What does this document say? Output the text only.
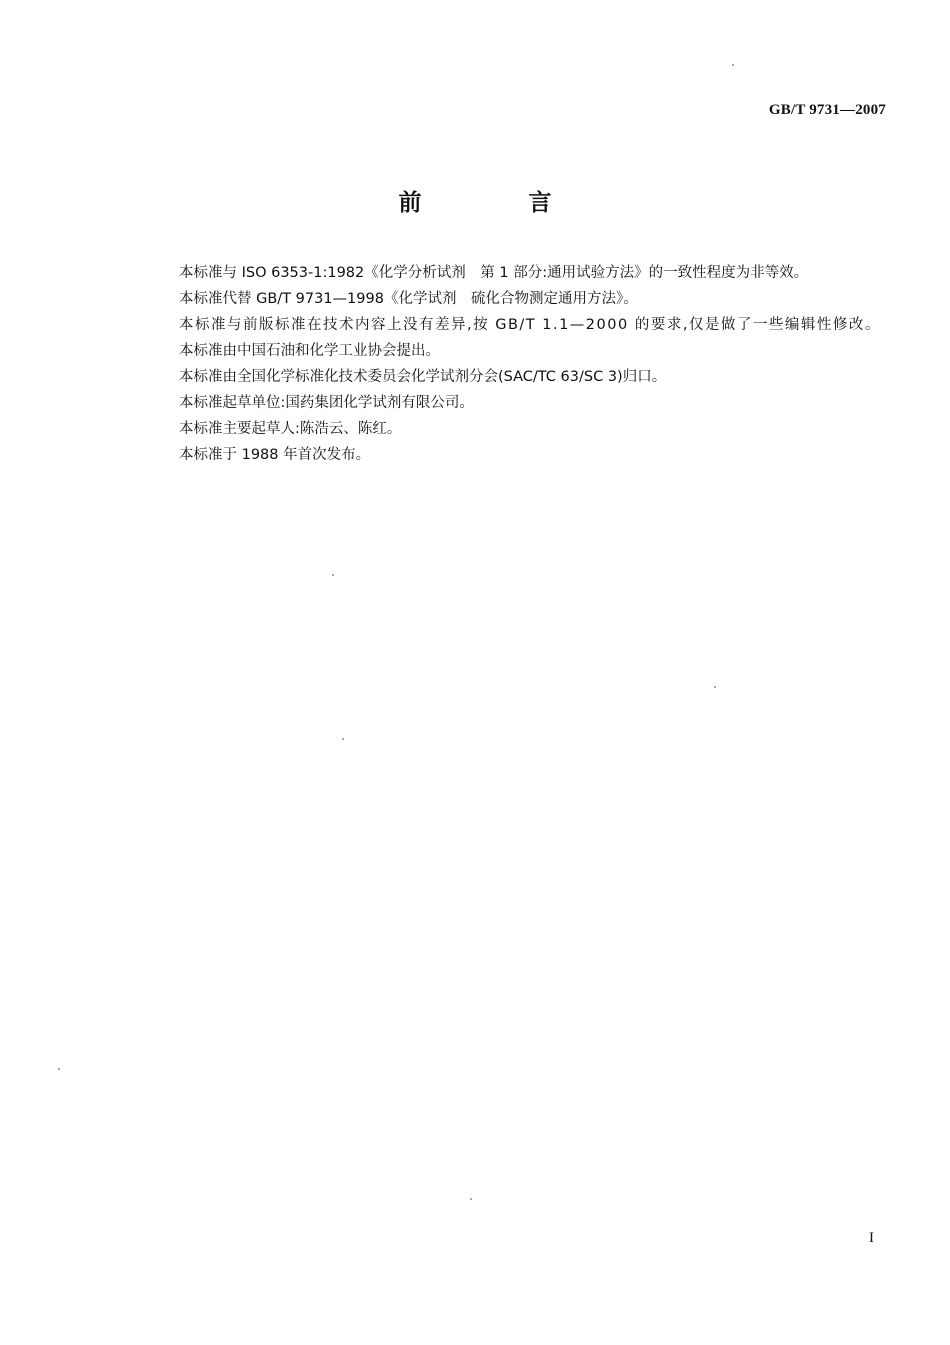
GB/T 9731—2007
前　言

本标准与 ISO 6353-1:1982《化学分析试剂　第 1 部分:通用试验方法》的一致性程度为非等效。

本标准代替 GB/T 9731—1998《化学试剂　硫化合物测定通用方法》。

本标准与前版标准在技术内容上没有差异,按 GB/T 1.1—2000 的要求,仅是做了一些编辑性修改。

本标准由中国石油和化学工业协会提出。

本标准由全国化学标准化技术委员会化学试剂分会(SAC/TC 63/SC 3)归口。

本标准起草单位:国药集团化学试剂有限公司。

本标准主要起草人:陈浩云、陈红。

本标准于 1988 年首次发布。

I
